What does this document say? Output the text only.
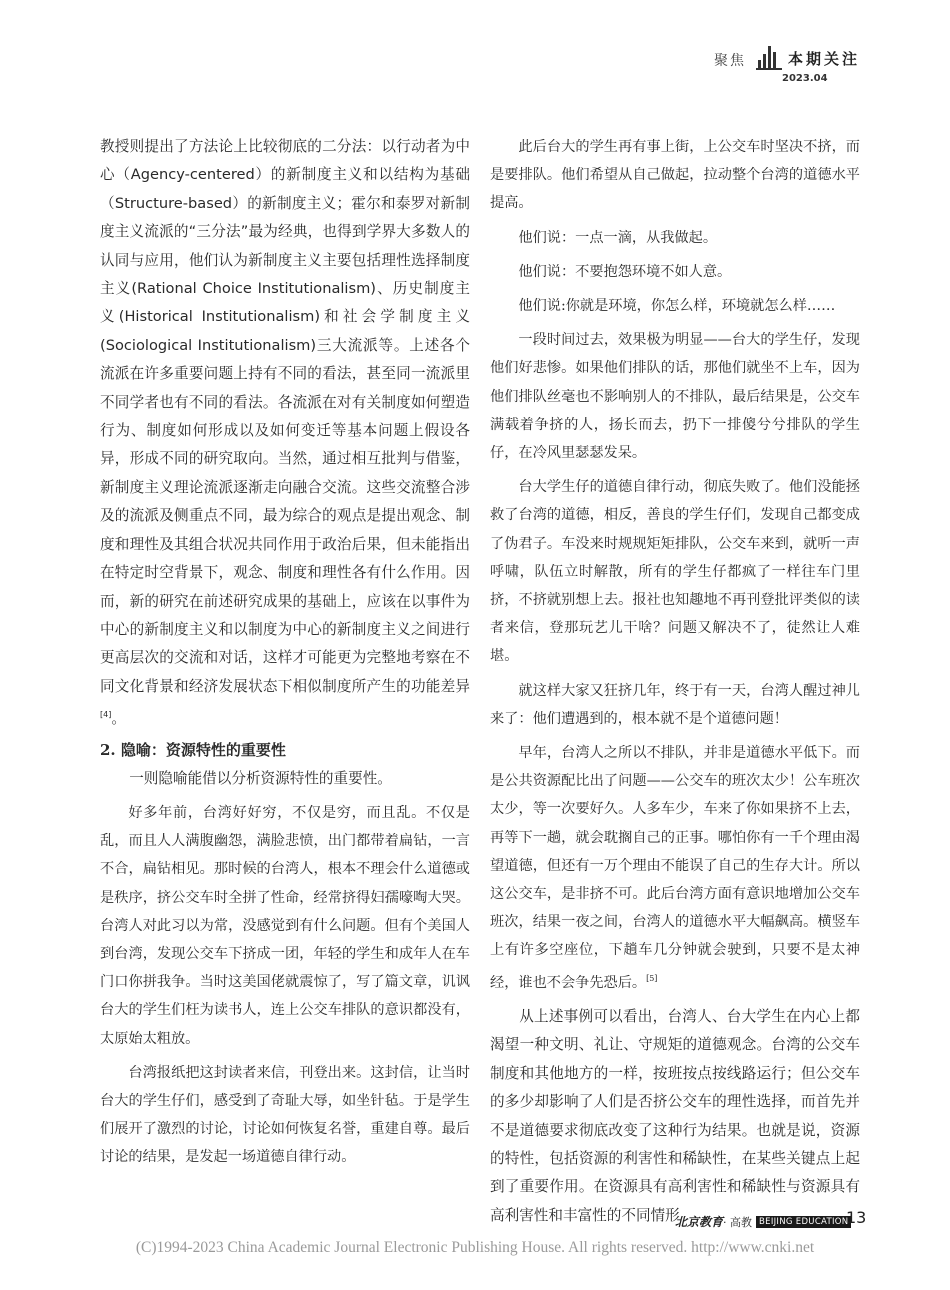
聚焦	本期关注
2023.04

教授则提出了方法论上比较彻底的二分法：以行动者为中心（Agency-centered）的新制度主义和以结构为基础（Structure-based）的新制度主义；霍尔和泰罗对新制度主义流派的“三分法”最为经典，也得到学界大多数人的认同与应用，他们认为新制度主义主要包括理性选择制度主义(Rational Choice Institutionalism)、历史制度主义(Historical Institutionalism)和社会学制度主义(Sociological Institutionalism)三大流派等。上述各个流派在许多重要问题上持有不同的看法，甚至同一流派里不同学者也有不同的看法。各流派在对有关制度如何塑造行为、制度如何形成以及如何变迁等基本问题上假设各异，形成不同的研究取向。当然，通过相互批判与借鉴，新制度主义理论流派逐渐走向融合交流。这些交流整合涉及的流派及侧重点不同，最为综合的观点是提出观念、制度和理性及其组合状况共同作用于政治后果，但未能指出在特定时空背景下，观念、制度和理性各有什么作用。因而，新的研究在前述研究成果的基础上，应该在以事件为中心的新制度主义和以制度为中心的新制度主义之间进行更高层次的交流和对话，这样才可能更为完整地考察在不同文化背景和经济发展状态下相似制度所产生的功能差异[4]。

2. 隐喻：资源特性的重要性

一则隐喻能借以分析资源特性的重要性。

好多年前，台湾好好穷，不仅是穷，而且乱。不仅是乱，而且人人满腹幽怨，满脸悲愤，出门都带着扁钻，一言不合，扁钻相见。那时候的台湾人，根本不理会什么道德或是秩序，挤公交车时全拼了性命，经常挤得妇孺嚎啕大哭。台湾人对此习以为常，没感觉到有什么问题。但有个美国人到台湾，发现公交车下挤成一团，年轻的学生和成年人在车门口你拼我争。当时这美国佬就震惊了，写了篇文章，讥讽台大的学生们枉为读书人，连上公交车排队的意识都没有，太原始太粗放。

台湾报纸把这封读者来信，刊登出来。这封信，让当时台大的学生仔们，感受到了奇耻大辱，如坐针毡。于是学生们展开了激烈的讨论，讨论如何恢复名誉，重建自尊。最后讨论的结果，是发起一场道德自律行动。

此后台大的学生再有事上街，上公交车时坚决不挤，而是要排队。他们希望从自己做起，拉动整个台湾的道德水平提高。

他们说：一点一滴，从我做起。

他们说：不要抱怨环境不如人意。

他们说:你就是环境，你怎么样，环境就怎么样……

一段时间过去，效果极为明显——台大的学生仔，发现他们好悲惨。如果他们排队的话，那他们就坐不上车，因为他们排队丝毫也不影响别人的不排队，最后结果是，公交车满载着争挤的人，扬长而去，扔下一排傻兮兮排队的学生仔，在冷风里瑟瑟发呆。

台大学生仔的道德自律行动，彻底失败了。他们没能拯救了台湾的道德，相反，善良的学生仔们，发现自己都变成了伪君子。车没来时规规矩矩排队，公交车来到，就听一声呼啸，队伍立时解散，所有的学生仔都疯了一样往车门里挤，不挤就别想上去。报社也知趣地不再刊登批评类似的读者来信，登那玩艺儿干啥？问题又解决不了，徒然让人难堪。

就这样大家又狂挤几年，终于有一天，台湾人醒过神儿来了：他们遭遇到的，根本就不是个道德问题！

早年，台湾人之所以不排队，并非是道德水平低下。而是公共资源配比出了问题——公交车的班次太少！公车班次太少，等一次要好久。人多车少，车来了你如果挤不上去，再等下一趟，就会耽搁自己的正事。哪怕你有一千个理由渴望道德，但还有一万个理由不能误了自己的生存大计。所以这公交车，是非挤不可。此后台湾方面有意识地增加公交车班次，结果一夜之间，台湾人的道德水平大幅飙高。横竖车上有许多空座位，下趟车几分钟就会驶到，只要不是太神经，谁也不会争先恐后。[5]

从上述事例可以看出，台湾人、台大学生在内心上都渴望一种文明、礼让、守规矩的道德观念。台湾的公交车制度和其他地方的一样，按班按点按线路运行；但公交车的多少却影响了人们是否挤公交车的理性选择，而首先并不是道德要求彻底改变了这种行为结果。也就是说，资源的特性，包括资源的利害性和稀缺性，在某些关键点上起到了重要作用。在资源具有高利害性和稀缺性与资源具有高利害性和丰富性的不同情形

北京教育 · 高教 BEIJING EDUCATION
13
(C)1994-2023 China Academic Journal Electronic Publishing House. All rights reserved. http://www.cnki.net
